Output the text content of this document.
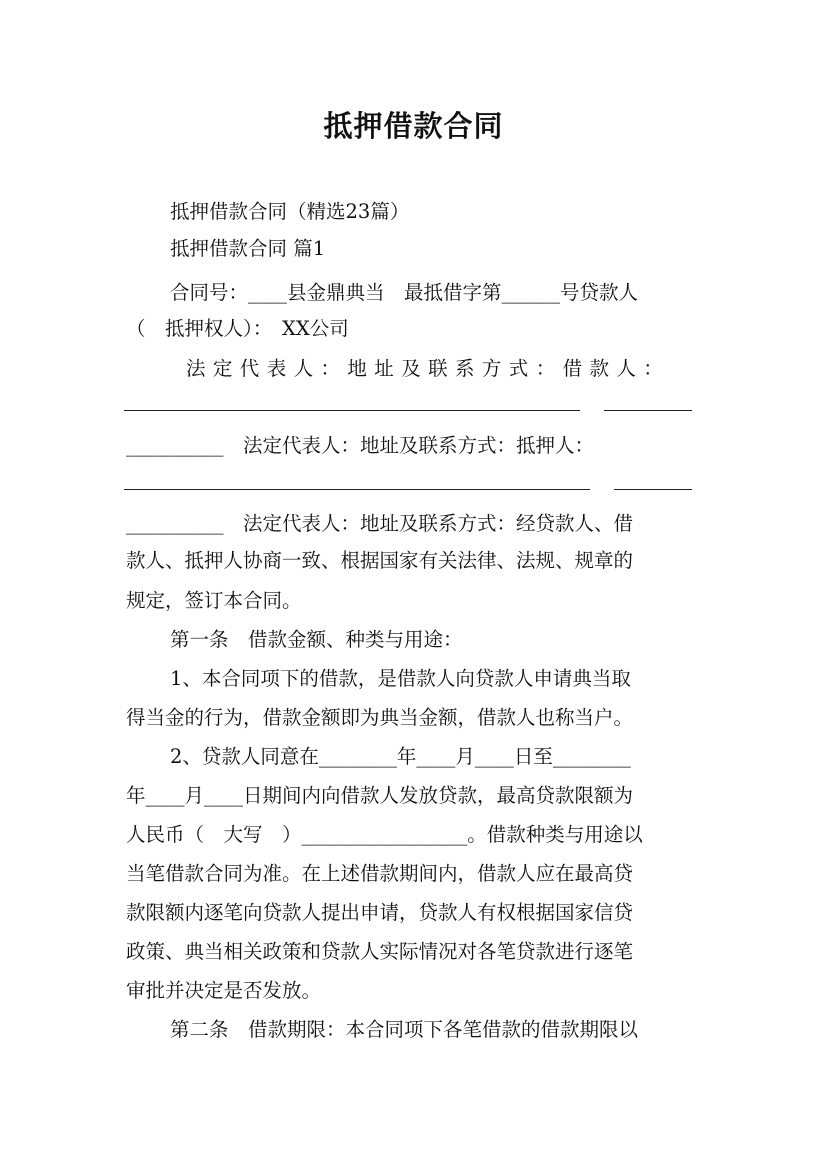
抵押借款合同
抵押借款合同（精选23篇）
抵押借款合同 篇1
合同号：____县金鼎典当　最抵借字第______号贷款人
（　抵押权人）：　XX公司
法定代表人：地址及联系方式：借款人：
__________　法定代表人：地址及联系方式：抵押人：
__________　法定代表人：地址及联系方式：经贷款人、借
款人、抵押人协商一致、根据国家有关法律、法规、规章的
规定，签订本合同。
第一条　借款金额、种类与用途：
1、本合同项下的借款，是借款人向贷款人申请典当取
得当金的行为，借款金额即为典当金额，借款人也称当户。
2、贷款人同意在________年____月____日至________
年____月____日期间内向借款人发放贷款，最高贷款限额为
人民币（　大写　）_________________。借款种类与用途以
当笔借款合同为准。在上述借款期间内，借款人应在最高贷
款限额内逐笔向贷款人提出申请，贷款人有权根据国家信贷
政策、典当相关政策和贷款人实际情况对各笔贷款进行逐笔
审批并决定是否发放。
第二条　借款期限：本合同项下各笔借款的借款期限以
